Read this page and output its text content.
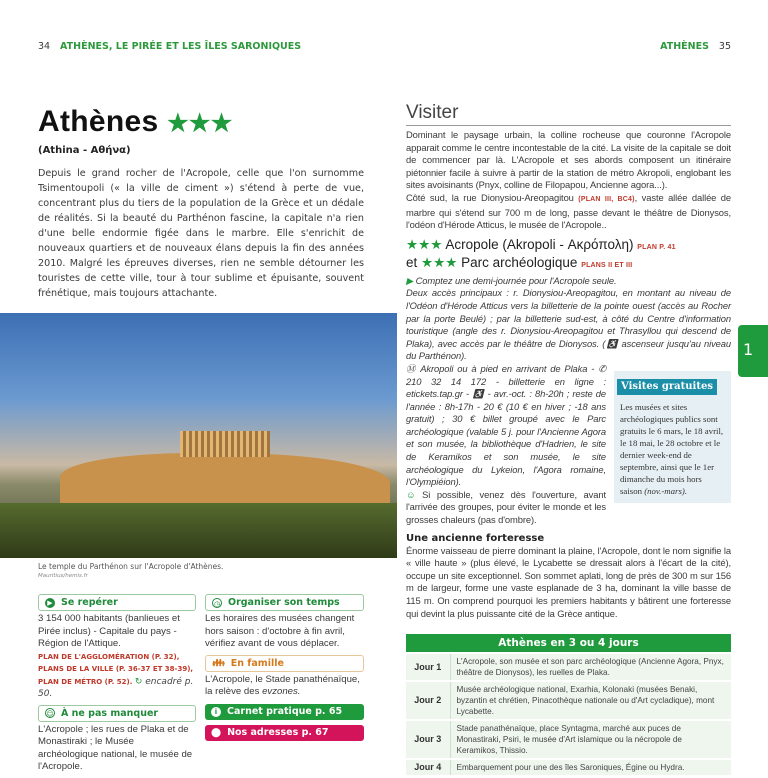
34 ATHÈNES, LE PIRÉE ET LES ÎLES SARONIQUES
Athènes ★★★
(Athina - Αθήνα)
Depuis le grand rocher de l'Acropole, celle que l'on surnomme Tsimentoupoli (« la ville de ciment ») s'étend à perte de vue, concentrant plus du tiers de la population de la Grèce et un dédale de réalités. Si la beauté du Parthénon fascine, la capitale n'a rien d'une belle endormie figée dans le marbre. Elle s'enrichit de nouveaux quartiers et de nouveaux élans depuis la fin des années 2010. Malgré les épreuves diverses, rien ne semble détourner les touristes de cette ville, tour à tour sublime et épuisante, souvent frénétique, mais toujours attachante.
Le temple du Parthénon sur l'Acropole d'Athènes.
Mauritius/hemis.fr
▶ Se repérer
3 154 000 habitants (banlieues et Pirée inclus) - Capitale du pays - Région de l'Attique.
PLAN DE L'AGGLOMÉRATION (P. 32), PLANS DE LA VILLE (P. 36-37 ET 38-39), PLAN DE MÉTRO (P. 52). ↻ encadré p. 50.
☺ À ne pas manquer
L'Acropole ; les rues de Plaka et de Monastiraki ; le Musée archéologique national, le musée de l'Acropole.
◷ Organiser son temps
Les horaires des musées changent hors saison : d'octobre à fin avril, vérifiez avant de vous déplacer.
👪︎ En famille
L'Acropole, le Stade panathénaïque, la relève des evzones.
i	Carnet pratique p. 65
⬤ Nos adresses p. 67
ATHÈNES 35
Visiter
Dominant le paysage urbain, la colline rocheuse que couronne l'Acropole apparait comme le centre incontestable de la cité. La visite de la capitale se doit de commencer par là. L'Acropole et ses abords composent un itinéraire piétonnier facile à suivre à partir de la station de métro Akropoli, englobant les sites avoisinants (Pnyx, colline de Filopapou, Ancienne agora...).
Côté sud, la rue Dionysiou-Areopagitou (PLAN III, BC4), vaste allée dallée de marbre qui s'étend sur 700 m de long, passe devant le théâtre de Dionysos, l'odéon d'Hérode Atticus, le musée de l'Acropole..
★★★ Acropole (Akropoli - Ακρόπολη) PLAN P. 41
et ★★★ Parc archéologique PLANS II ET III
▶ Comptez une demi-journée pour l'Acropole seule.
Deux accès principaux : r. Dionysiou-Areopagitou, en montant au niveau de l'Odéon d'Hérode Atticus vers la billetterie de la pointe ouest (accès au Rocher par la porte Beulé) ; par la billetterie sud-est, à côté du Centre d'information touristique (angle des r. Dionysiou-Areopagitou et Thrasyllou qui descend de Plaka), avec accès par le théâtre de Dionysos. (♿ ascenseur jusqu'au niveau du Parthénon).
Visites gratuites
Les musées et sites archéologiques publics sont gratuits le 6 mars, le 18 avril, le 18 mai, le 28 octobre et le dernier week-end de septembre, ainsi que le 1er dimanche du mois hors saison (nov.-mars).
Ⓜ Akropoli ou à pied en arrivant de Plaka - ✆ 210 32 14 172 - billetterie en ligne : etickets.tap.gr - ♿ - avr.-oct. : 8h-20h ; reste de l'année : 8h-17h - 20 € (10 € en hiver ; -18 ans gratuit) ; 30 € billet groupé avec le Parc archéologique (valable 5 j. pour l'Ancienne Agora et son musée, la bibliothèque d'Hadrien, le site de Keramikos et son musée, le site archéologique du Lykeion, l'Agora romaine, l'Olympiéion).
☺ Si possible, venez dès l'ouverture, avant l'arrivée des groupes, pour éviter le monde et les grosses chaleurs (pas d'ombre).
Une ancienne forteresse
Énorme vaisseau de pierre dominant la plaine, l'Acropole, dont le nom signifie la « ville haute » (plus élevé, le Lycabette se dressait alors à l'écart de la cité), occupe un site exceptionnel. Son sommet aplati, long de près de 300 m sur 156 m de largeur, forme une vaste esplanade de 3 ha, dominant la ville basse de 115 m. On comprend pourquoi les premiers habitants y bâtirent une forteresse qui devint la plus puissante cité de la Grèce antique.
Athènes en 3 ou 4 jours
Jour 1	L'Acropole, son musée et son parc archéologique (Ancienne Agora, Pnyx, théâtre de Dionysos), les ruelles de Plaka.
Jour 2	Musée archéologique national, Exarhia, Kolonaki (musées Benaki, byzantin et chrétien, Pinacothèque nationale ou d'Art cycladique), mont Lycabette.
Jour 3	Stade panathénaïque, place Syntagma, marché aux puces de Monastiraki, Psiri, le musée d'Art islamique ou la nécropole de Keramikos, Thissio.
Jour 4	Embarquement pour une des îles Saroniques, Égine ou Hydra.
1
